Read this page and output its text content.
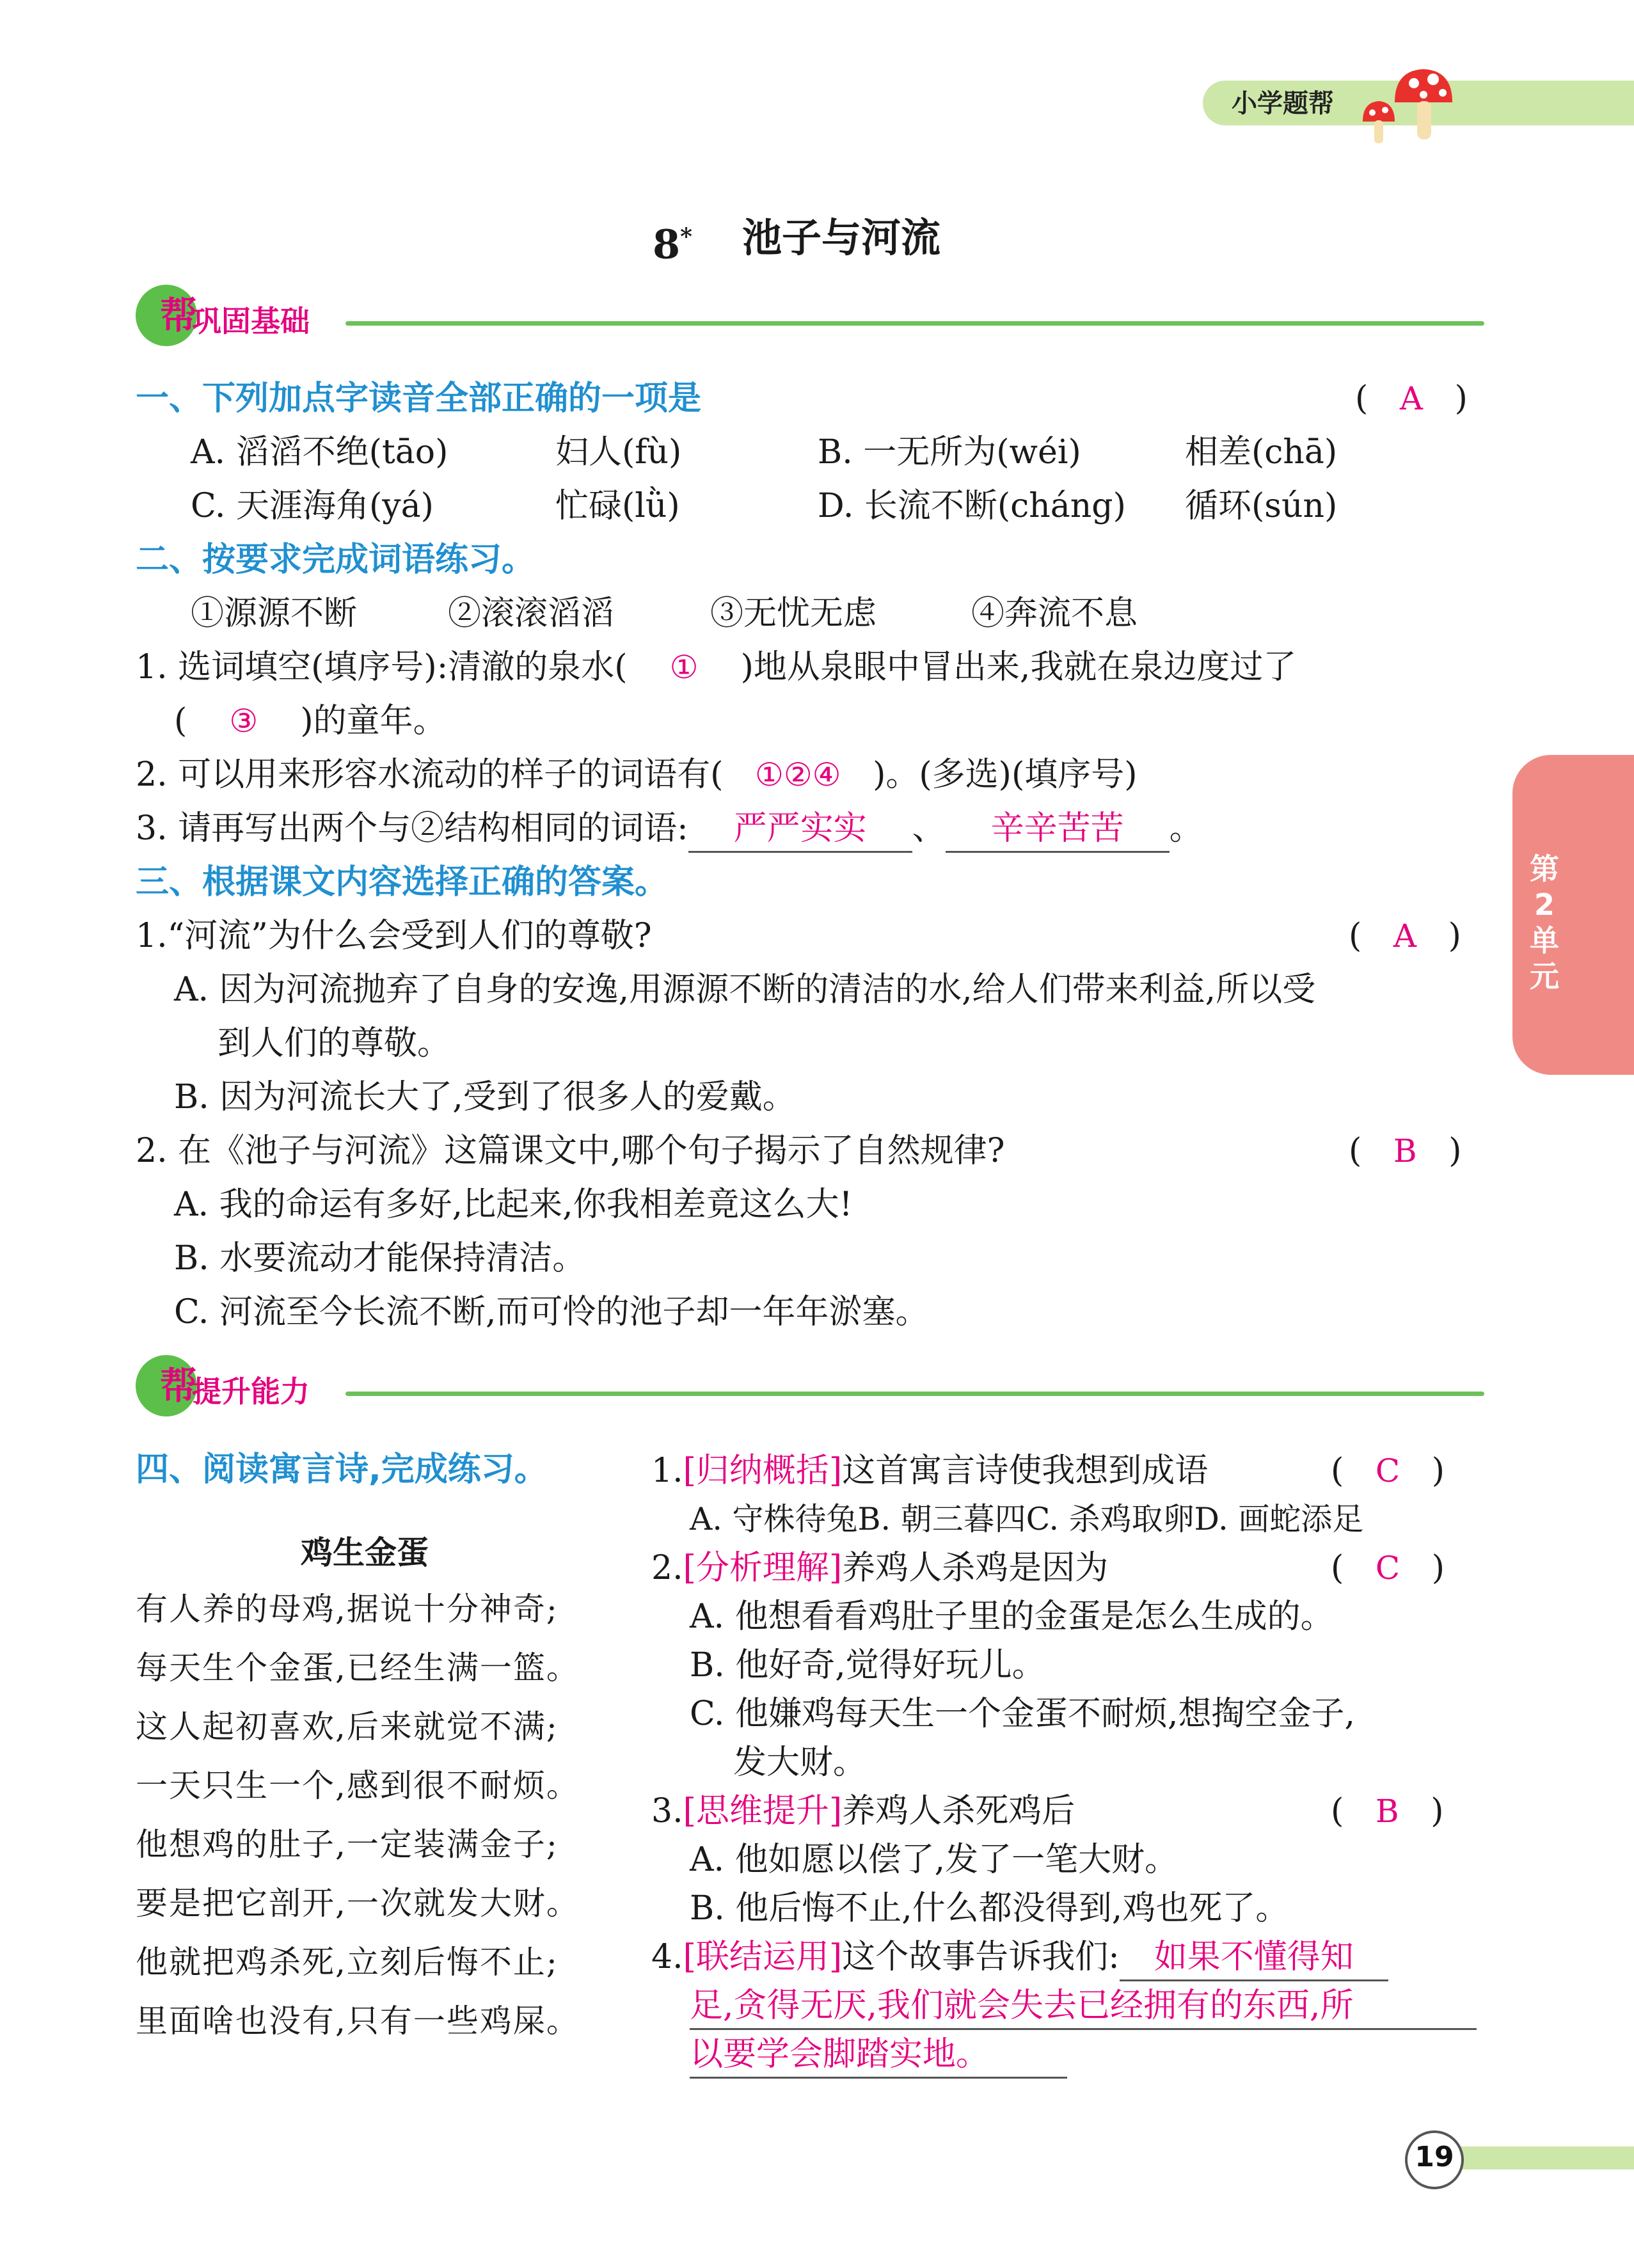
小学题帮
8* 池子与河流
帮
巩固基础
一、下列加点字读音全部正确的一项是	(   A   )
A. 滔滔不绝(tāo)	妇人(fù)	B. 一无所为(wéi)	相差(chā)
C. 天涯海角(yá)	忙碌(lǜ)	D. 长流不断(cháng) 循环(sún)
二、按要求完成词语练习。
①源源不断	②滚滚滔滔	③无忧无虑	④奔流不息
1. 选词填空(填序号):清澈的泉水( ① )地从泉眼中冒出来,我就在泉边度过了
( ③ )的童年。
2. 可以用来形容水流动的样子的词语有( ①②④ )。(多选)(填序号)
3. 请再写出两个与②结构相同的词语: 严严实实 、 辛辛苦苦 。
三、根据课文内容选择正确的答案。
1.“河流”为什么会受到人们的尊敬?	(   A   )
A. 因为河流抛弃了自身的安逸,用源源不断的清洁的水,给人们带来利益,所以受
到人们的尊敬。
B. 因为河流长大了,受到了很多人的爱戴。
2. 在《池子与河流》这篇课文中,哪个句子揭示了自然规律?	(   B   )
A. 我的命运有多好,比起来,你我相差竟这么大!
B. 水要流动才能保持清洁。
C. 河流至今长流不断,而可怜的池子却一年年淤塞。
帮
提升能力
四、阅读寓言诗,完成练习。
鸡生金蛋
有人养的母鸡,据说十分神奇;
每天生个金蛋,已经生满一篮。
这人起初喜欢,后来就觉不满;
一天只生一个,感到很不耐烦。
他想鸡的肚子,一定装满金子;
要是把它剖开,一次就发大财。
他就把鸡杀死,立刻后悔不止;
里面啥也没有,只有一些鸡屎。
1.[归纳概括]这首寓言诗使我想到成语	(   C   )
A. 守株待兔B. 朝三暮四C. 杀鸡取卵D. 画蛇添足
2.[分析理解]养鸡人杀鸡是因为	(   C   )
A. 他想看看鸡肚子里的金蛋是怎么生成的。
B. 他好奇,觉得好玩儿。
C. 他嫌鸡每天生一个金蛋不耐烦,想掏空金子,
发大财。
3.[思维提升]养鸡人杀死鸡后	(   B   )
A. 他如愿以偿了,发了一笔大财。
B. 他后悔不止,什么都没得到,鸡也死了。
4.[联结运用]这个故事告诉我们: 如果不懂得知
足,贪得无厌,我们就会失去已经拥有的东西,所
以要学会脚踏实地。
第2单元
19
